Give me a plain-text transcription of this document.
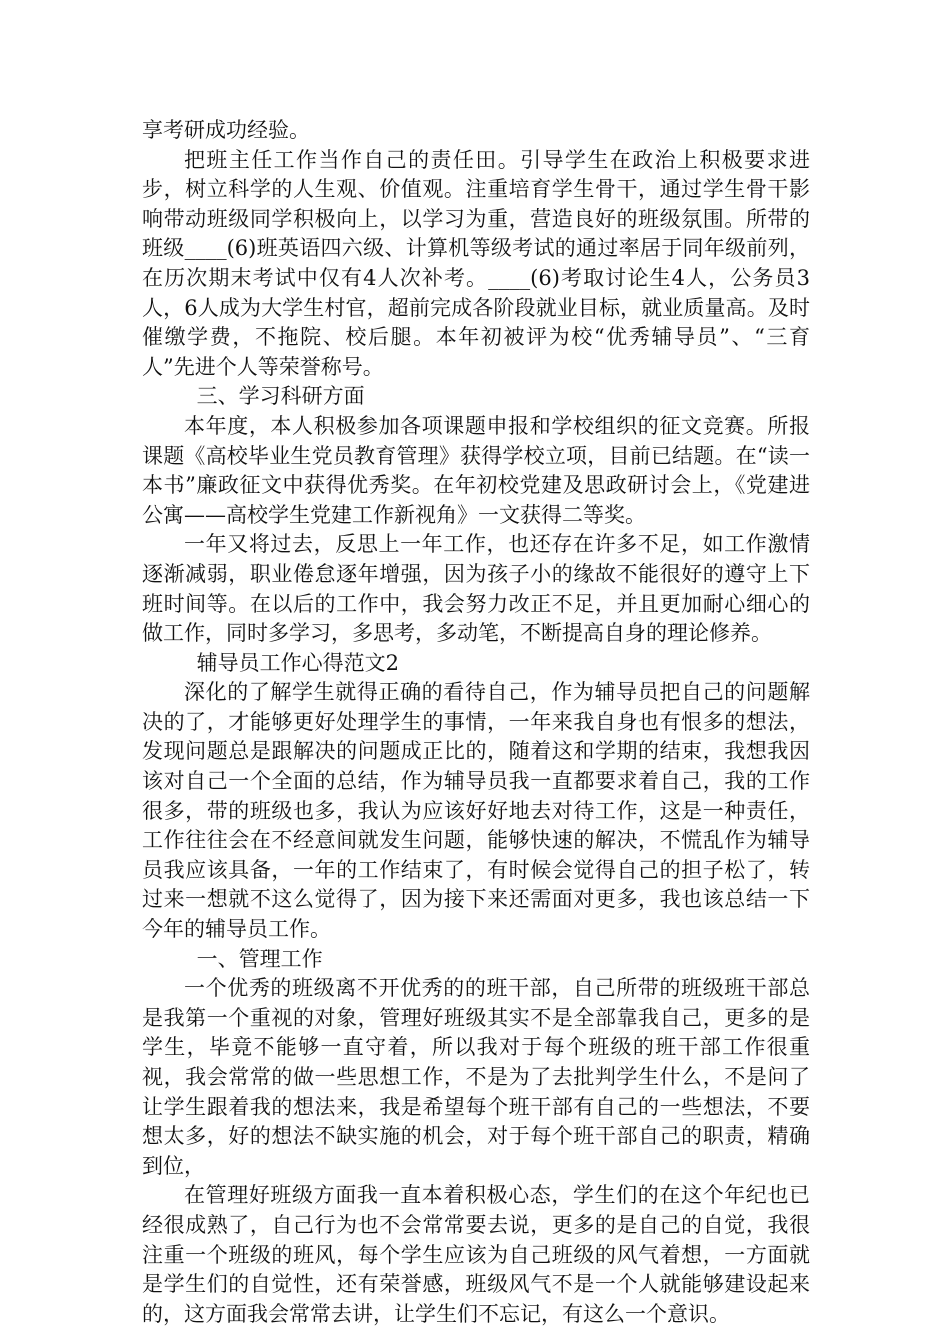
享考研成功经验。

把班主任工作当作自己的责任田。引导学生在政治上积极要求进步，树立科学的人生观、价值观。注重培育学生骨干，通过学生骨干影响带动班级同学积极向上，以学习为重，营造良好的班级氛围。所带的班级____(6)班英语四六级、计算机等级考试的通过率居于同年级前列，在历次期末考试中仅有4人次补考。____(6)考取讨论生4人，公务员3人，6人成为大学生村官，超前完成各阶段就业目标，就业质量高。及时催缴学费，不拖院、校后腿。本年初被评为校“优秀辅导员”、“三育人”先进个人等荣誉称号。

三、学习科研方面

本年度，本人积极参加各项课题申报和学校组织的征文竞赛。所报课题《高校毕业生党员教育管理》获得学校立项，目前已结题。在“读一本书”廉政征文中获得优秀奖。在年初校党建及思政研讨会上，《党建进公寓——高校学生党建工作新视角》一文获得二等奖。

一年又将过去，反思上一年工作，也还存在许多不足，如工作激情逐渐减弱，职业倦怠逐年增强，因为孩子小的缘故不能很好的遵守上下班时间等。在以后的工作中，我会努力改正不足，并且更加耐心细心的做工作，同时多学习，多思考，多动笔，不断提高自身的理论修养。

辅导员工作心得范文2

深化的了解学生就得正确的看待自己，作为辅导员把自己的问题解决的了，才能够更好处理学生的事情，一年来我自身也有恨多的想法，发现问题总是跟解决的问题成正比的，随着这和学期的结束，我想我因该对自己一个全面的总结，作为辅导员我一直都要求着自己，我的工作很多，带的班级也多，我认为应该好好地去对待工作，这是一种责任，工作往往会在不经意间就发生问题，能够快速的解决，不慌乱作为辅导员我应该具备，一年的工作结束了，有时候会觉得自己的担子松了，转过来一想就不这么觉得了，因为接下来还需面对更多，我也该总结一下今年的辅导员工作。

一、管理工作

一个优秀的班级离不开优秀的的班干部，自己所带的班级班干部总是我第一个重视的对象，管理好班级其实不是全部靠我自己，更多的是学生，毕竟不能够一直守着，所以我对于每个班级的班干部工作很重视，我会常常的做一些思想工作，不是为了去批判学生什么，不是问了让学生跟着我的想法来，我是希望每个班干部有自己的一些想法，不要想太多，好的想法不缺实施的机会，对于每个班干部自己的职责，精确到位，

在管理好班级方面我一直本着积极心态，学生们的在这个年纪也已经很成熟了，自己行为也不会常常要去说，更多的是自己的自觉，我很注重一个班级的班风，每个学生应该为自己班级的风气着想，一方面就是学生们的自觉性，还有荣誉感，班级风气不是一个人就能够建设起来的，这方面我会常常去讲，让学生们不忘记，有这么一个意识。
